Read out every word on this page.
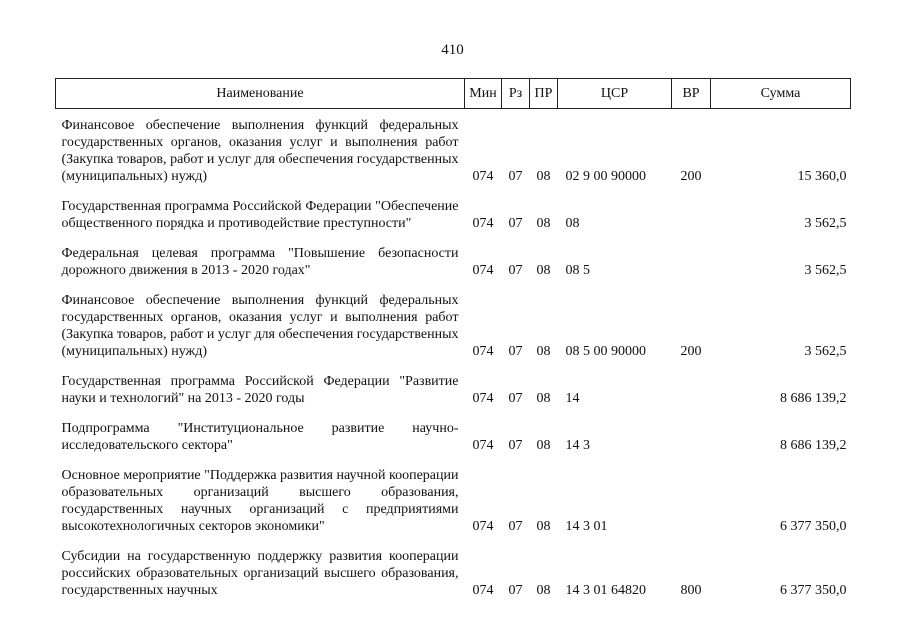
410
Наименование	Мин	Рз	ПР	ЦСР	ВР	Сумма
Финансовое обеспечение выполнения функций федеральных государственных органов, оказания услуг и выполнения работ (Закупка товаров, работ и услуг для обеспечения государственных (муниципальных) нужд)	074	07	08	02 9 00 90000	200	15 360,0
Государственная программа Российской Федерации "Обеспечение общественного порядка и противодействие преступности"	074	07	08	08		3 562,5
Федеральная целевая программа "Повышение безопасности дорожного движения в 2013 - 2020 годах"	074	07	08	08 5		3 562,5
Финансовое обеспечение выполнения функций федеральных государственных органов, оказания услуг и выполнения работ (Закупка товаров, работ и услуг для обеспечения государственных (муниципальных) нужд)	074	07	08	08 5 00 90000	200	3 562,5
Государственная программа Российской Федерации "Развитие науки и технологий" на 2013 - 2020 годы	074	07	08	14		8 686 139,2
Подпрограмма "Институциональное развитие научно-исследовательского сектора"	074	07	08	14 3		8 686 139,2
Основное мероприятие "Поддержка развития научной кооперации образовательных организаций высшего образования, государственных научных организаций с предприятиями высокотехнологичных секторов экономики"	074	07	08	14 3 01		6 377 350,0
Субсидии на государственную поддержку развития кооперации российских образовательных организаций высшего образования, государственных научных	074	07	08	14 3 01 64820	800	6 377 350,0
